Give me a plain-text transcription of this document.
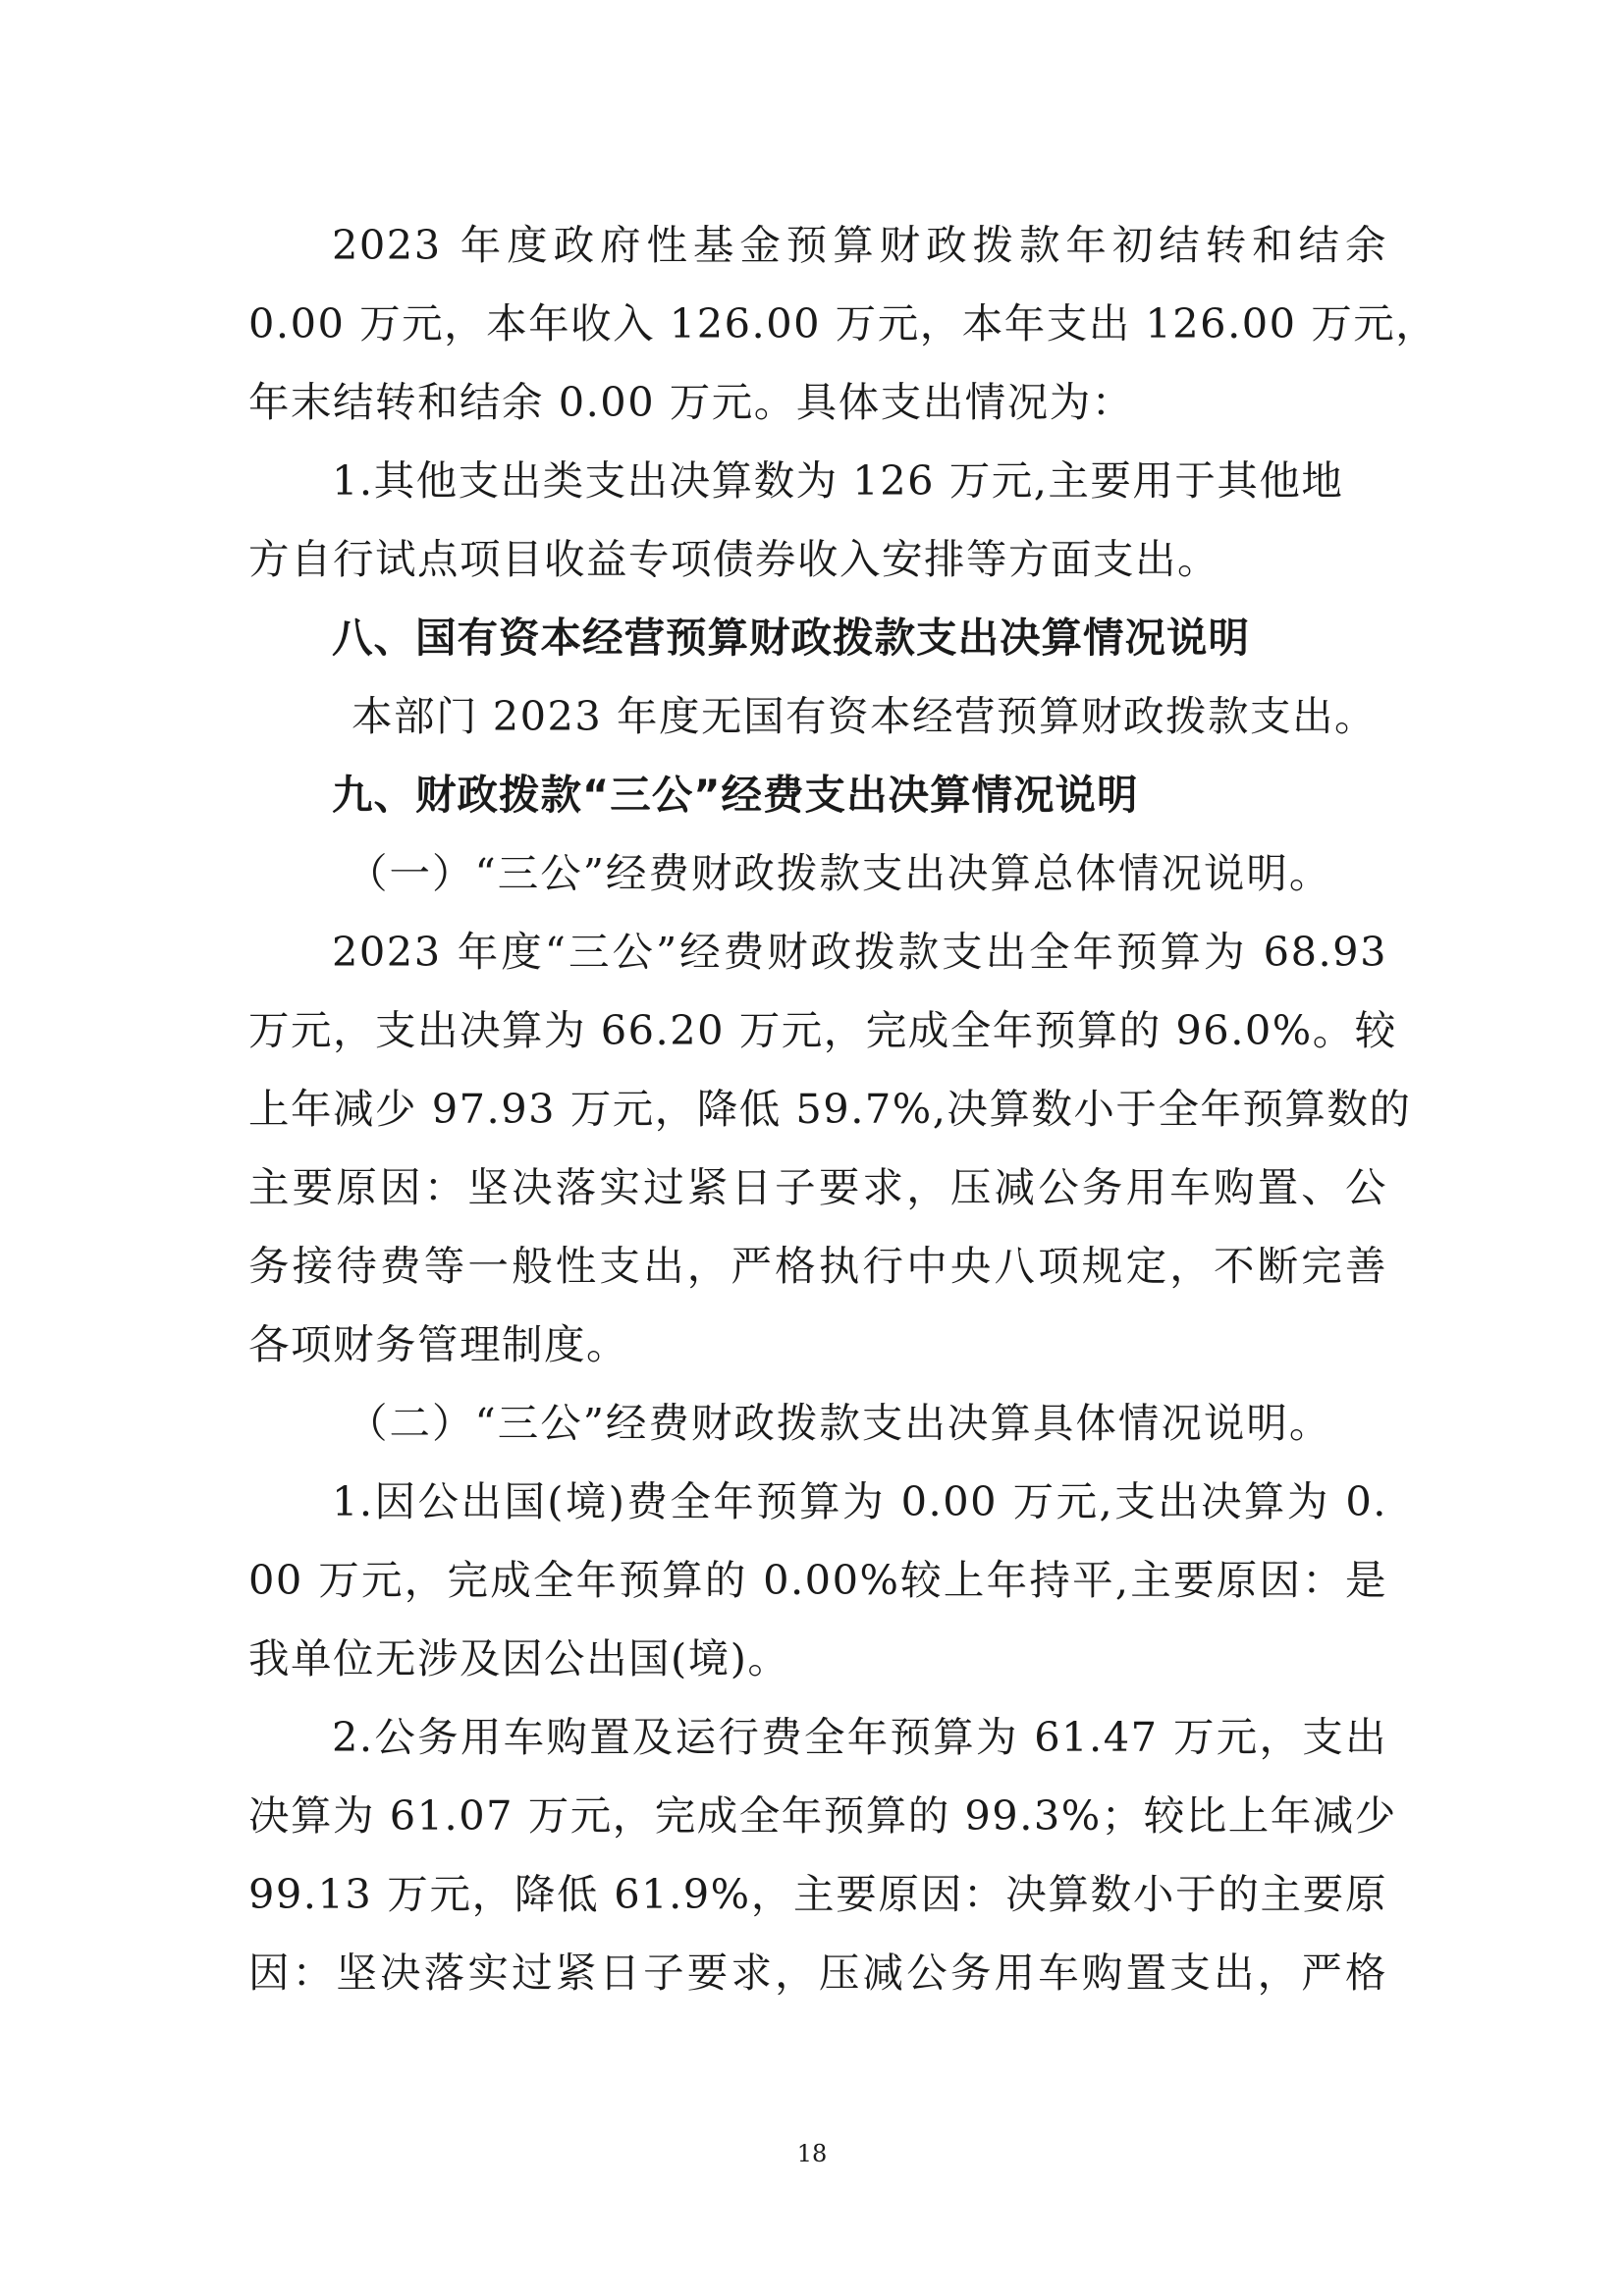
2023 年度政府性基金预算财政拨款年初结转和结余
0.00 万元，本年收入 126.00 万元，本年支出 126.00 万元，
年末结转和结余 0.00 万元。具体支出情况为：
1.其他支出类支出决算数为 126 万元,主要用于其他地
方自行试点项目收益专项债券收入安排等方面支出。
八、国有资本经营预算财政拨款支出决算情况说明
本部门 2023 年度无国有资本经营预算财政拨款支出。
九、财政拨款“三公”经费支出决算情况说明
（一）“三公”经费财政拨款支出决算总体情况说明。
2023 年度“三公”经费财政拨款支出全年预算为 68.93
万元，支出决算为 66.20 万元，完成全年预算的 96.0%。较
上年减少 97.93 万元，降低 59.7%,决算数小于全年预算数的
主要原因：坚决落实过紧日子要求，压减公务用车购置、公
务接待费等一般性支出，严格执行中央八项规定，不断完善
各项财务管理制度。
（二）“三公”经费财政拨款支出决算具体情况说明。
1.因公出国(境)费全年预算为 0.00 万元,支出决算为 0.
00 万元，完成全年预算的 0.00%较上年持平,主要原因：是
我单位无涉及因公出国(境)。
2.公务用车购置及运行费全年预算为 61.47 万元，支出
决算为 61.07 万元，完成全年预算的 99.3%；较比上年减少
99.13 万元，降低 61.9%，主要原因：决算数小于的主要原
因：坚决落实过紧日子要求，压减公务用车购置支出，严格
18
